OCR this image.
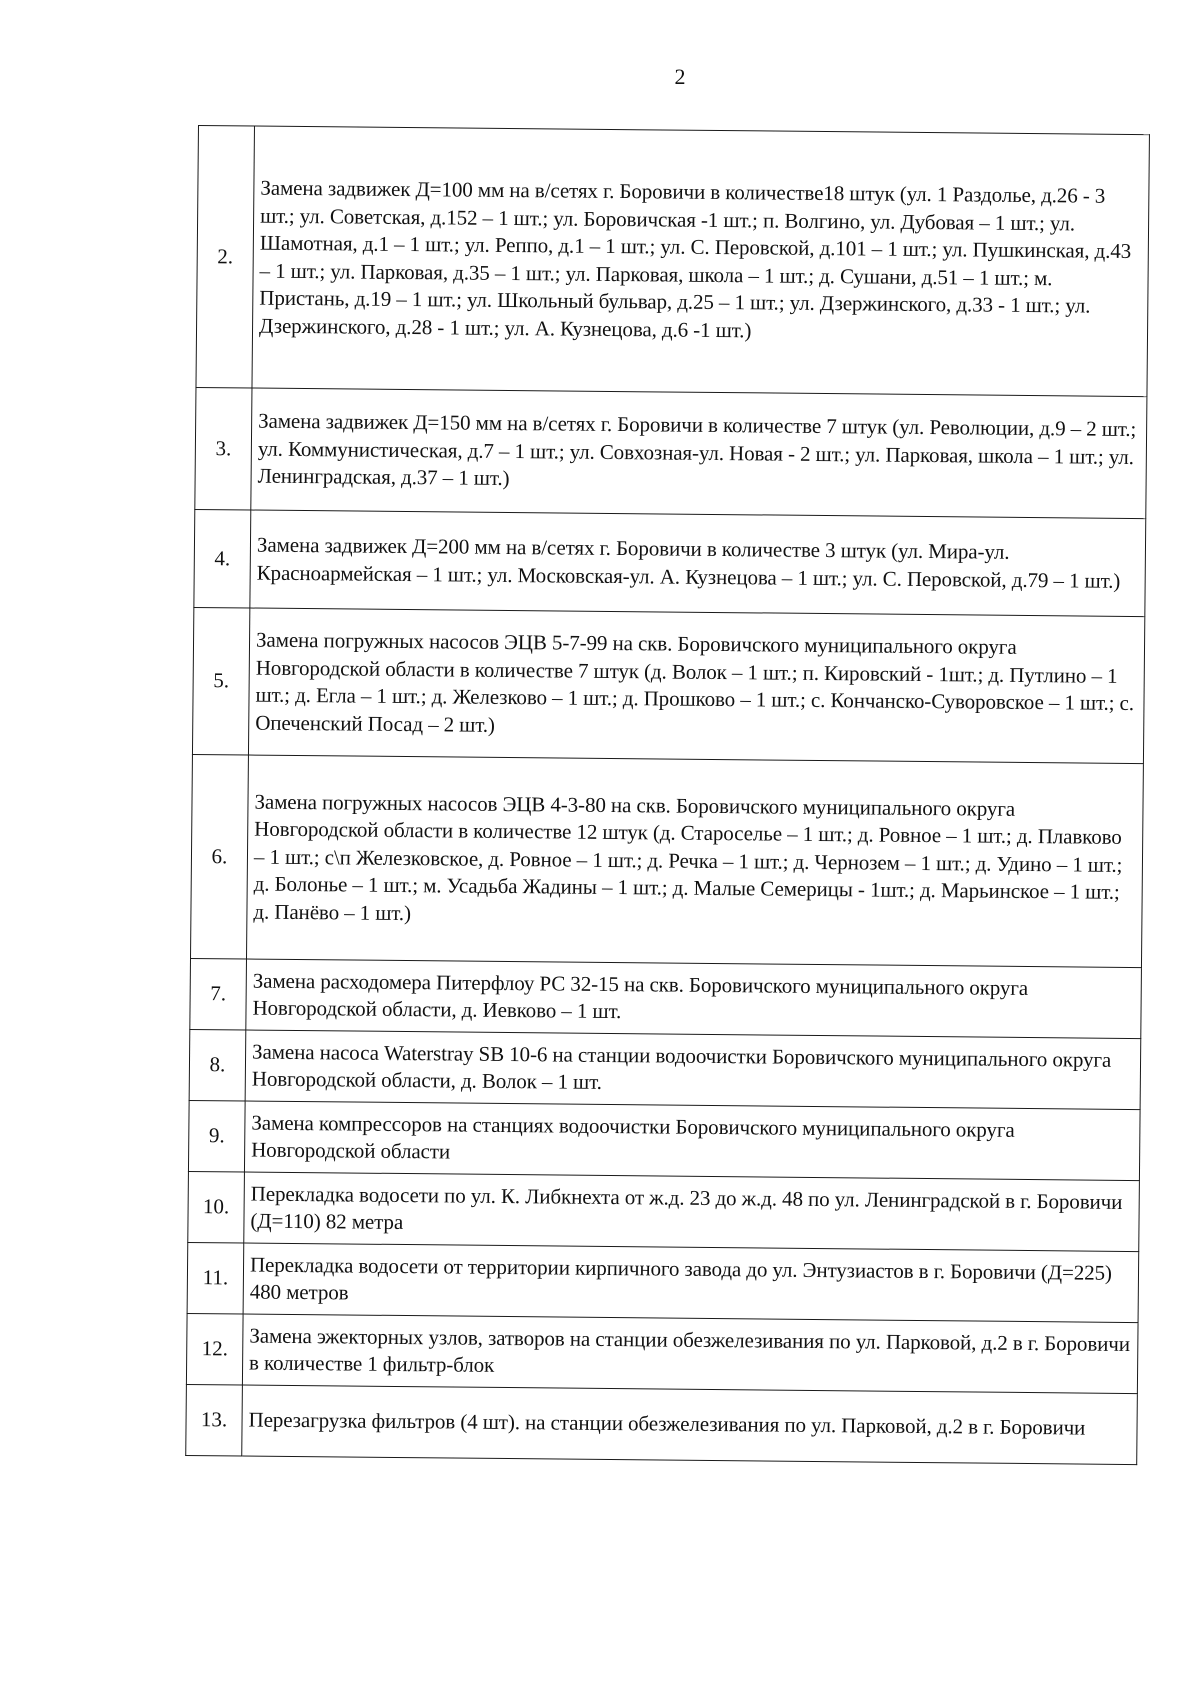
2
2.	Замена задвижек Д=100 мм на в/сетях г. Боровичи в количестве18 штук (ул. 1 Раздолье, д.26 - 3 шт.; ул. Советская, д.152 – 1 шт.; ул. Боровичская -1 шт.; п. Волгино, ул. Дубовая – 1 шт.; ул. Шамотная, д.1 – 1 шт.; ул. Реппо, д.1 – 1 шт.; ул. С. Перовской, д.101 – 1 шт.; ул. Пушкинская, д.43 – 1 шт.; ул. Парковая, д.35 – 1 шт.; ул. Парковая, школа – 1 шт.; д. Сушани, д.51 – 1 шт.; м. Пристань, д.19 – 1 шт.; ул. Школьный бульвар, д.25 – 1 шт.; ул. Дзержинского, д.33 - 1 шт.; ул. Дзержинского, д.28 - 1 шт.; ул. А. Кузнецова, д.6 -1 шт.)
3.	Замена задвижек Д=150 мм на в/сетях г. Боровичи в количестве 7 штук (ул. Революции, д.9 – 2 шт.; ул. Коммунистическая, д.7 – 1 шт.; ул. Совхозная-ул. Новая - 2 шт.; ул. Парковая, школа – 1 шт.; ул. Ленинградская, д.37 – 1 шт.)
4.	Замена задвижек Д=200 мм на в/сетях г. Боровичи в количестве 3 штук (ул. Мира-ул. Красноармейская – 1 шт.; ул. Московская-ул. А. Кузнецова – 1 шт.; ул. С. Перовской, д.79 – 1 шт.)
5.	Замена погружных насосов ЭЦВ 5-7-99 на скв. Боровичского муниципального округа Новгородской области в количестве 7 штук (д. Волок – 1 шт.; п. Кировский - 1шт.; д. Путлино – 1 шт.; д. Егла – 1 шт.; д. Железково – 1 шт.; д. Прошково – 1 шт.; с. Кончанско-Суворовское – 1 шт.; с. Опеченский Посад – 2 шт.)
6.	Замена погружных насосов ЭЦВ 4-3-80 на скв. Боровичского муниципального округа Новгородской области в количестве 12 штук (д. Староселье – 1 шт.; д. Ровное – 1 шт.; д. Плавково – 1 шт.; с\п Железковское, д. Ровное – 1 шт.; д. Речка – 1 шт.; д. Чернозем – 1 шт.; д. Удино – 1 шт.; д. Болонье – 1 шт.; м. Усадьба Жадины – 1 шт.; д. Малые Семерицы - 1шт.; д. Марьинское – 1 шт.; д. Панёво – 1 шт.)
7.	Замена расходомера Питерфлоу РС 32-15 на скв. Боровичского муниципального округа Новгородской области, д. Иевково – 1 шт.
8.	Замена насоса Waterstray SB 10-6 на станции водоочистки Боровичского муниципального округа Новгородской области, д. Волок – 1 шт.
9.	Замена компрессоров на станциях водоочистки Боровичского муниципального округа Новгородской области
10.	Перекладка водосети по ул. К. Либкнехта от ж.д. 23 до ж.д. 48 по ул. Ленинградской в г. Боровичи (Д=110) 82 метра
11.	Перекладка водосети от территории кирпичного завода до ул. Энтузиастов в г. Боровичи (Д=225) 480 метров
12.	Замена эжекторных узлов, затворов на станции обезжелезивания по ул. Парковой, д.2 в г. Боровичи в количестве 1 фильтр-блок
13.	Перезагрузка фильтров (4 шт). на станции обезжелезивания по ул. Парковой, д.2 в г. Боровичи
